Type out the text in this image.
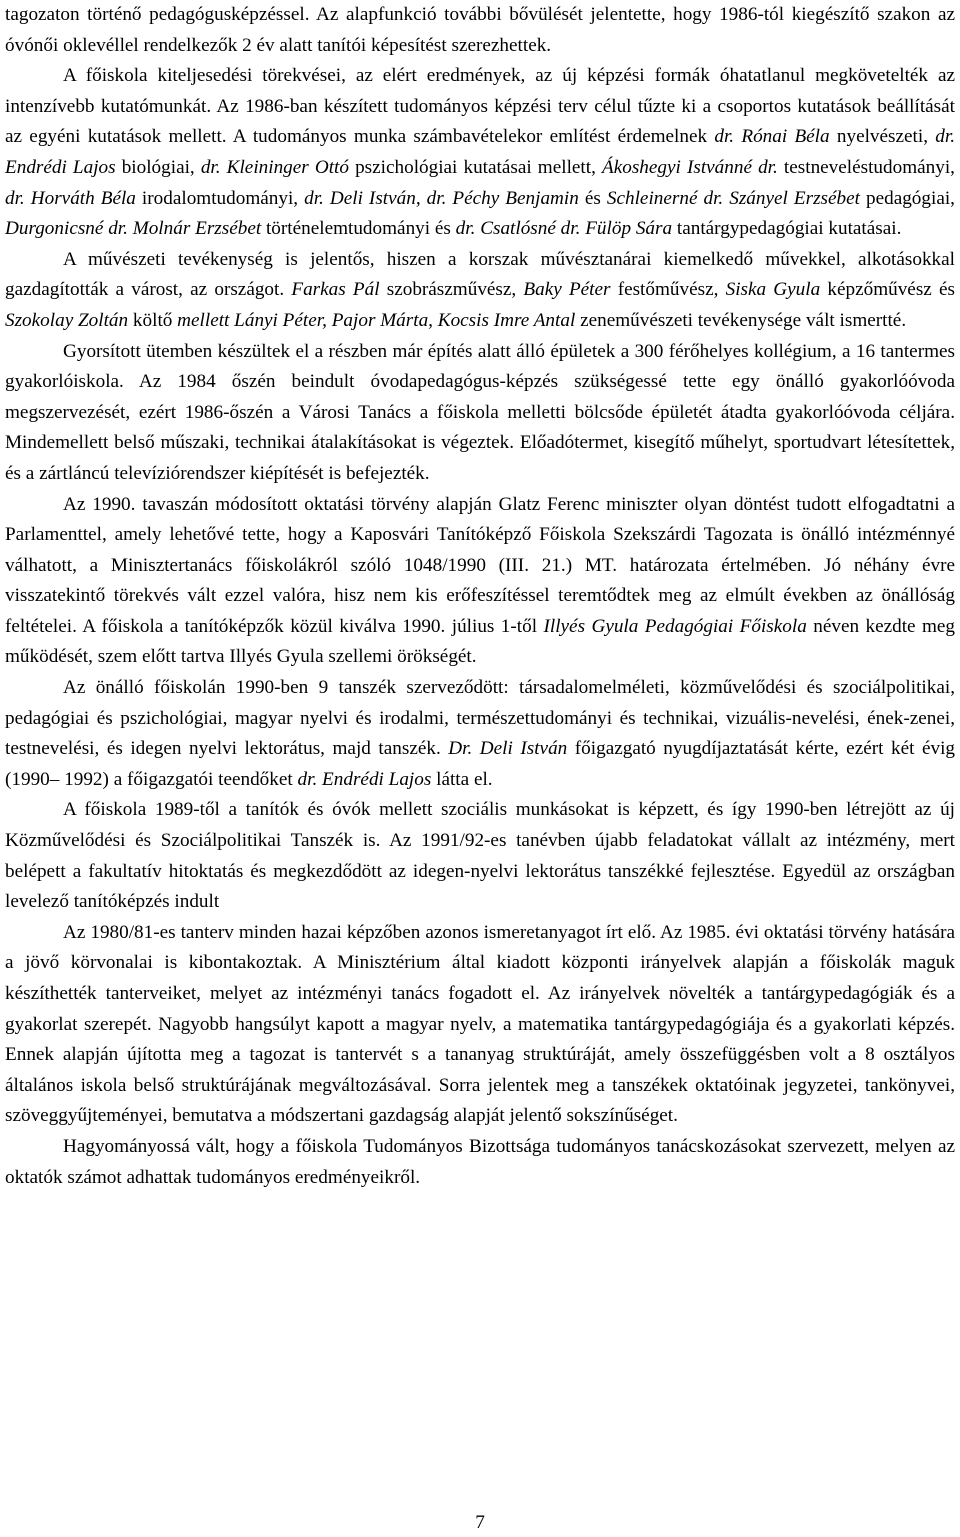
tagozaton történő pedagógusképzéssel. Az alapfunkció további bővülését jelentette, hogy 1986-tól kiegészítő szakon az óvónői oklevéllel rendelkezők 2 év alatt tanítói képesítést szerezhettek.

A főiskola kiteljesedési törekvései, az elért eredmények, az új képzési formák óhatatlanul megkövetelték az intenzívebb kutatómunkát. Az 1986-ban készített tudományos képzési terv célul tűzte ki a csoportos kutatások beállítását az egyéni kutatások mellett. A tudományos munka számbavételekor említést érdemelnek dr. Rónai Béla nyelvészeti, dr. Endrédi Lajos biológiai, dr. Kleininger Ottó pszichológiai kutatásai mellett, Ákoshegyi Istvánné dr. testneveléstudományi, dr. Horváth Béla irodalomtudományi, dr. Deli István, dr. Péchy Benjamin és Schleinerné dr. Szányel Erzsébet pedagógiai, Durgonicsné dr. Molnár Erzsébet történelemtudományi és dr. Csatlósné dr. Fülöp Sára tantárgypedagógiai kutatásai.

A művészeti tevékenység is jelentős, hiszen a korszak művésztanárai kiemelkedő művekkel, alkotásokkal gazdagították a várost, az országot. Farkas Pál szobrászművész, Baky Péter festőművész, Siska Gyula képzőművész és Szokolay Zoltán költő mellett Lányi Péter, Pajor Márta, Kocsis Imre Antal zeneművészeti tevékenysége vált ismertté.

Gyorsított ütemben készültek el a részben már építés alatt álló épületek a 300 férőhelyes kollégium, a 16 tantermes gyakorlóiskola. Az 1984 őszén beindult óvodapedagógus-képzés szükségessé tette egy önálló gyakorlóóvoda megszervezését, ezért 1986-őszén a Városi Tanács a főiskola melletti bölcsőde épületét átadta gyakorlóóvoda céljára. Mindemellett belső műszaki, technikai átalakításokat is végeztek. Előadótermet, kisegítő műhelyt, sportudvart létesítettek, és a zártláncú televíziórendszer kiépítését is befejezték.

Az 1990. tavaszán módosított oktatási törvény alapján Glatz Ferenc miniszter olyan döntést tudott elfogadtatni a Parlamenttel, amely lehetővé tette, hogy a Kaposvári Tanítóképző Főiskola Szekszárdi Tagozata is önálló intézménnyé válhatott, a Minisztertanács főiskolákról szóló 1048/1990 (III. 21.) MT. határozata értelmében. Jó néhány évre visszatekintő törekvés vált ezzel valóra, hisz nem kis erőfeszítéssel teremtődtek meg az elmúlt években az önállóság feltételei. A főiskola a tanítóképzők közül kiválva 1990. július 1-től Illyés Gyula Pedagógiai Főiskola néven kezdte meg működését, szem előtt tartva Illyés Gyula szellemi örökségét.

Az önálló főiskolán 1990-ben 9 tanszék szerveződött: társadalomelméleti, közművelődési és szociálpolitikai, pedagógiai és pszichológiai, magyar nyelvi és irodalmi, természettudományi és technikai, vizuális-nevelési, ének-zenei, testnevelési, és idegen nyelvi lektorátus, majd tanszék. Dr. Deli István főigazgató nyugdíjaztatását kérte, ezért két évig (1990– 1992) a főigazgatói teendőket dr. Endrédi Lajos látta el.

A főiskola 1989-től a tanítók és óvók mellett szociális munkásokat is képzett, és így 1990-ben létrejött az új Közművelődési és Szociálpolitikai Tanszék is. Az 1991/92-es tanévben újabb feladatokat vállalt az intézmény, mert belépett a fakultatív hitoktatás és megkezdődött az idegen-nyelvi lektorátus tanszékké fejlesztése. Egyedül az országban levelező tanítóképzés indult

Az 1980/81-es tanterv minden hazai képzőben azonos ismeretanyagot írt elő. Az 1985. évi oktatási törvény hatására a jövő körvonalai is kibontakoztak. A Minisztérium által kiadott központi irányelvek alapján a főiskolák maguk készíthették tanterveiket, melyet az intézményi tanács fogadott el. Az irányelvek növelték a tantárgypedagógiák és a gyakorlat szerepét. Nagyobb hangsúlyt kapott a magyar nyelv, a matematika tantárgypedagógiája és a gyakorlati képzés. Ennek alapján újította meg a tagozat is tantervét s a tananyag struktúráját, amely összefüggésben volt a 8 osztályos általános iskola belső struktúrájának megváltozásával. Sorra jelentek meg a tanszékek oktatóinak jegyzetei, tankönyvei, szöveggyűjteményei, bemutatva a módszertani gazdagság alapját jelentő sokszínűséget.

Hagyományossá vált, hogy a főiskola Tudományos Bizottsága tudományos tanácskozásokat szervezett, melyen az oktatók számot adhattak tudományos eredményeikről.

7
